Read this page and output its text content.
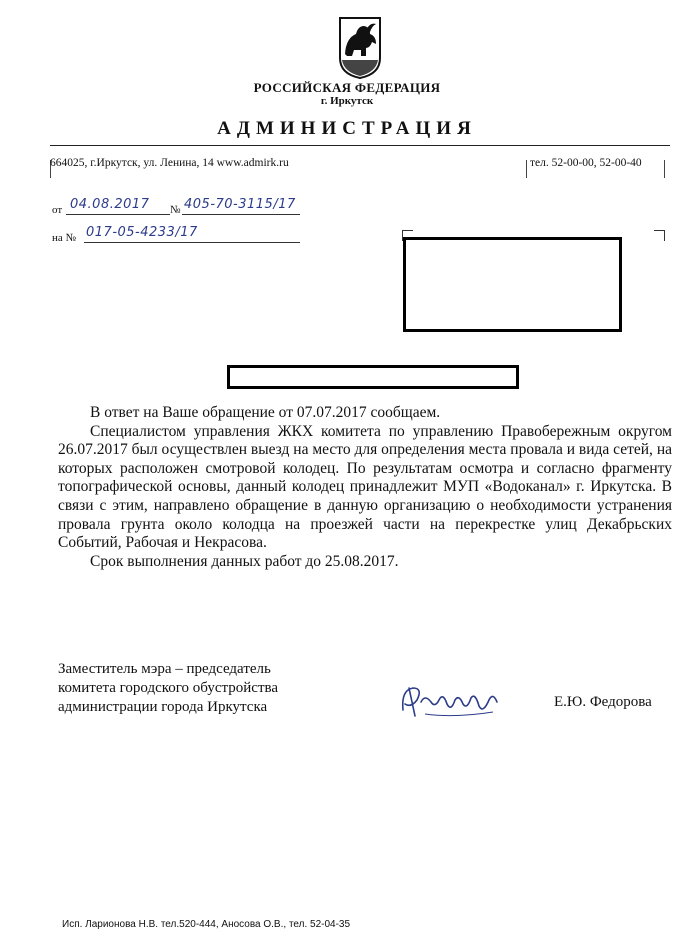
РОССИЙСКАЯ ФЕДЕРАЦИЯ
г. Иркутск
АДМИНИСТРАЦИЯ
664025, г.Иркутск, ул. Ленина, 14 www.admirk.ru	тел. 52-00-00, 52-00-40
от 04.08.2017 № 405-70-3115/17
на № 017-05-4233/17

В ответ на Ваше обращение от 07.07.2017 сообщаем.

Специалистом управления ЖКХ комитета по управлению Правобережным округом 26.07.2017 был осуществлен выезд на место для определения места провала и вида сетей, на которых расположен смотровой колодец. По результатам осмотра и согласно фрагменту топографической основы, данный колодец принадлежит МУП «Водоканал» г. Иркутска. В связи с этим, направлено обращение в данную организацию о необходимости устранения провала грунта около колодца на проезжей части на перекрестке улиц Декабрьских Событий, Рабочая и Некрасова.

Срок выполнения данных работ до 25.08.2017.

Заместитель мэра – председатель
комитета городского обустройства
администрации города Иркутска	Е.Ю. Федорова
Исп. Ларионова Н.В. тел.520-444, Аносова О.В., тел. 52-04-35
